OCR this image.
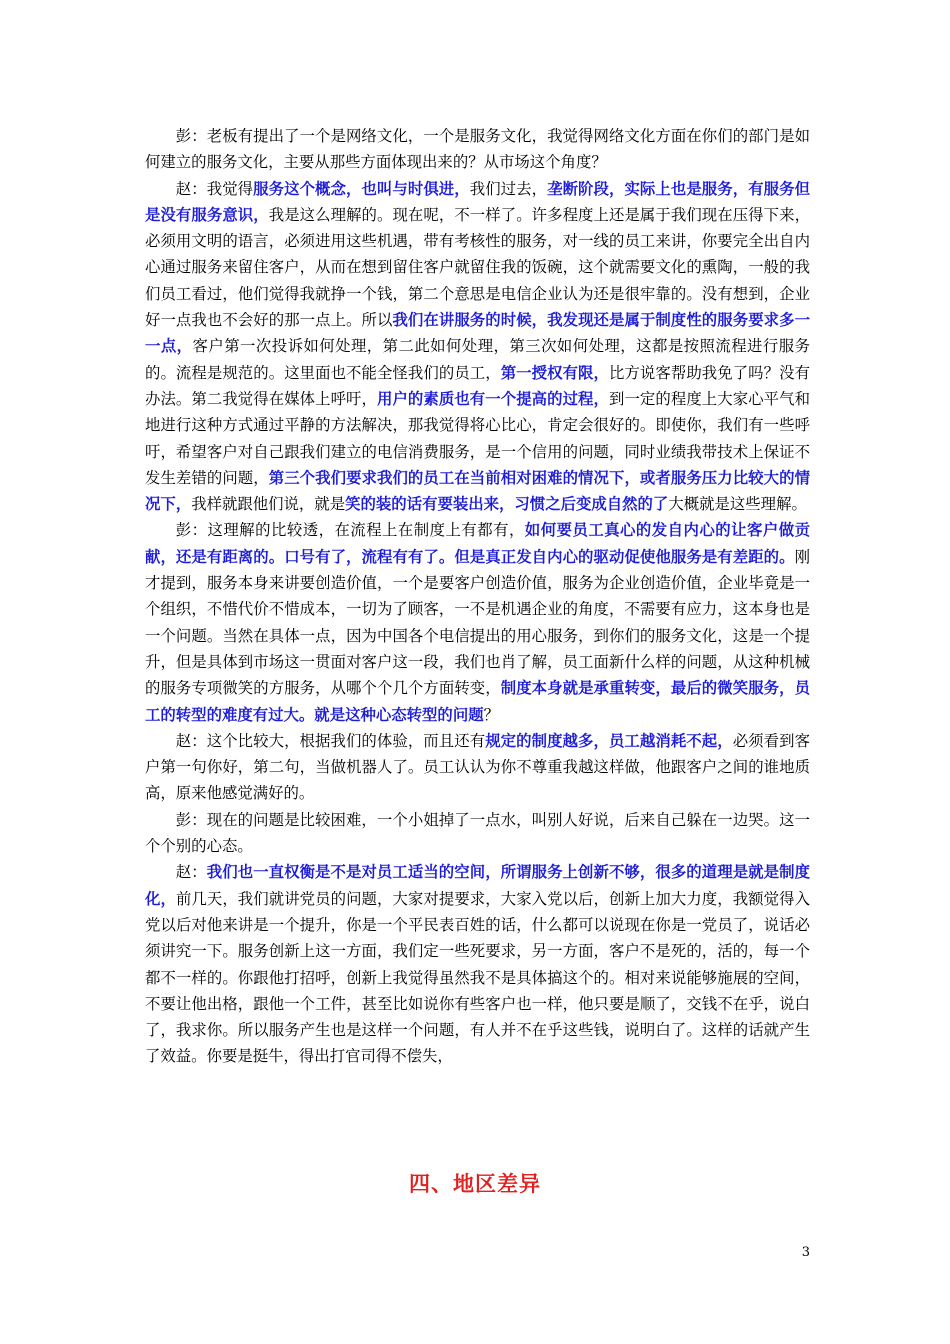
彭：老板有提出了一个是网络文化，一个是服务文化，我觉得网络文化方面在你们的部门是如何建立的服务文化，主要从那些方面体现出来的？从市场这个角度？

赵：我觉得服务这个概念，也叫与时俱进，我们过去，垄断阶段，实际上也是服务，有服务但是没有服务意识，我是这么理解的。现在呢，不一样了。许多程度上还是属于我们现在压得下来，必须用文明的语言，必须进用这些机遇，带有考核性的服务，对一线的员工来讲，你要完全出自内心通过服务来留住客户，从而在想到留住客户就留住我的饭碗，这个就需要文化的熏陶，一般的我们员工看过，他们觉得我就挣一个钱，第二个意思是电信企业认为还是很牢靠的。没有想到，企业好一点我也不会好的那一点上。所以我们在讲服务的时候，我发现还是属于制度性的服务要求多一一点，客户第一次投诉如何处理，第二此如何处理，第三次如何处理，这都是按照流程进行服务的。流程是规范的。这里面也不能全怪我们的员工，第一授权有限，比方说客帮助我免了吗？没有办法。第二我觉得在媒体上呼吁，用户的素质也有一个提高的过程，到一定的程度上大家心平气和地进行这种方式通过平静的方法解决，那我觉得将心比心，肯定会很好的。即使你，我们有一些呼吁，希望客户对自己跟我们建立的电信消费服务，是一个信用的问题，同时业绩我带技术上保证不发生差错的问题，第三个我们要求我们的员工在当前相对困难的情况下，或者服务压力比较大的情况下，我样就跟他们说，就是笑的装的话有要装出来，习惯之后变成自然的了大概就是这些理解。

彭：这理解的比较透，在流程上在制度上有都有，如何要员工真心的发自内心的让客户做贡献，还是有距离的。口号有了，流程有有了。但是真正发自内心的驱动促使他服务是有差距的。刚才提到，服务本身来讲要创造价值，一个是要客户创造价值，服务为企业创造价值，企业毕竟是一个组织，不惜代价不惜成本，一切为了顾客，一不是机遇企业的角度，不需要有应力，这本身也是一个问题。当然在具体一点，因为中国各个电信提出的用心服务，到你们的服务文化，这是一个提升，但是具体到市场这一贯面对客户这一段，我们也肖了解，员工面新什么样的问题，从这种机械的服务专项微笑的方服务，从哪个个几个方面转变，制度本身就是承重转变，最后的微笑服务，员工的转型的难度有过大。就是这种心态转型的问题？

赵：这个比较大，根据我们的体验，而且还有规定的制度越多，员工越消耗不起，必须看到客户第一句你好，第二句，当做机器人了。员工认认为你不尊重我越这样做，他跟客户之间的谁地质高，原来他感觉满好的。

彭：现在的问题是比较困难，一个小姐掉了一点水，叫别人好说，后来自己躲在一边哭。这一个个别的心态。

赵：我们也一直权衡是不是对员工适当的空间，所谓服务上创新不够，很多的道理是就是制度化，前几天，我们就讲党员的问题，大家对提要求，大家入党以后，创新上加大力度，我额觉得入党以后对他来讲是一个提升，你是一个平民表百姓的话，什么都可以说现在你是一党员了，说话必须讲究一下。服务创新上这一方面，我们定一些死要求，另一方面，客户不是死的，活的，每一个都不一样的。你跟他打招呼，创新上我觉得虽然我不是具体搞这个的。相对来说能够施展的空间，不要让他出格，跟他一个工件，甚至比如说你有些客户也一样，他只要是顺了，交钱不在乎，说白了，我求你。所以服务产生也是这样一个问题，有人并不在乎这些钱，说明白了。这样的话就产生了效益。你要是挺牛，得出打官司得不偿失，

四、地区差异
3
